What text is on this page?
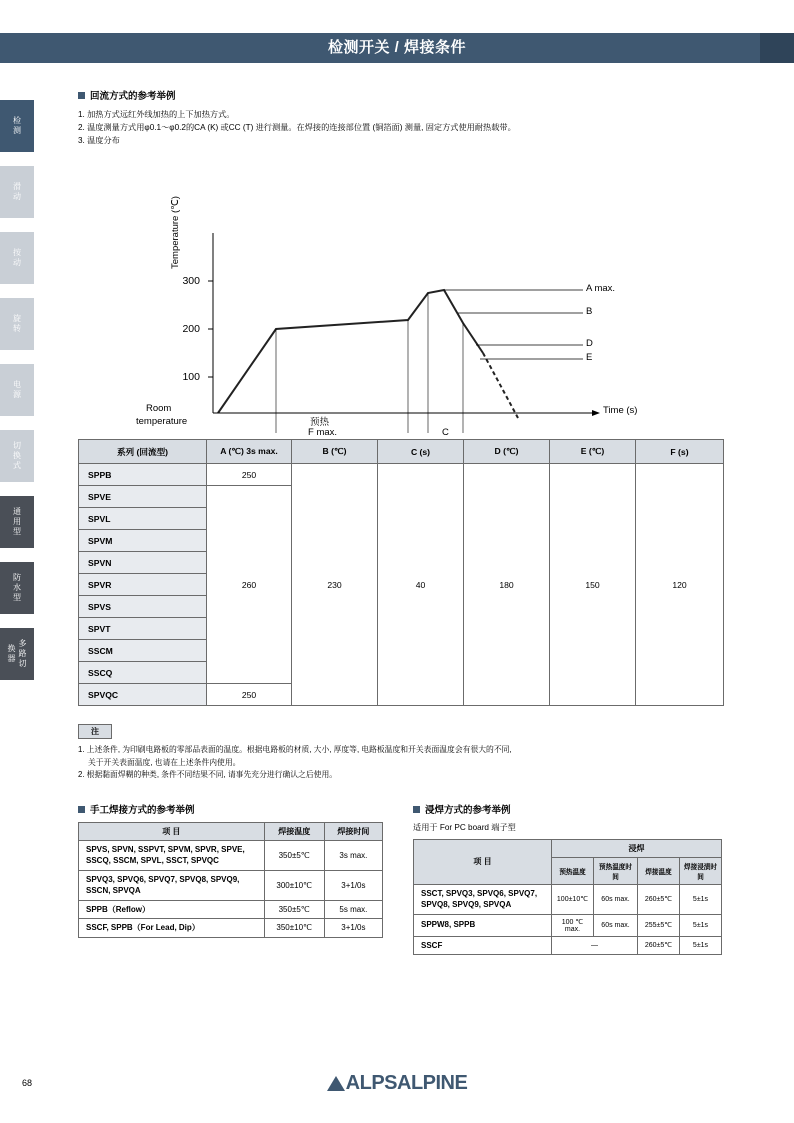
检测开关 / 焊接条件
检测
滑动
按动
旋转
电源
切换式
通用型
防水型
多路切换器
回流方式的参考举例
1. 加热方式远红外线加热的上下加热方式。
2. 温度测量方式用φ0.1～φ0.2的CA (K) 或CC (T) 进行测量。在焊接的连接部位置 (铜箔面) 测量, 固定方式使用耐热载带。
3. 温度分布
Temperature (℃)
300
200
100
A max.
B
D
E
Time (s)
Room
temperature	预热
F max.	C
系列 (回流型)	A (℃) 3s max.	B (℃)	C (s)	D (℃)	E (℃)	F (s)
SPPB	250	230	40	180	150	120
SPVE	260					
SPVL						
SPVM						
SPVN						
SPVR						
SPVS						
SPVT						
SSCM						
SSCQ						
SPVQC	250					
注
1. 上述条件, 为印刷电路板的零部品表面的温度。根据电路板的材质, 大小, 厚度等, 电路板温度和开关表面温度会有很大的不同,
　 关于开关表面温度, 也请在上述条件内使用。
2. 根据黏面焊糊的种类, 条件不同结果不同, 请事先充分进行确认之后使用。
手工焊接方式的参考举例
项 目	焊接温度	焊接时间
SPVS, SPVN, SSPVT, SPVM, SPVR, SPVE, SSCQ, SSCM, SPVL, SSCT, SPVQC	350±5℃	3s max.
SPVQ3, SPVQ6, SPVQ7, SPVQ8, SPVQ9, SSCN, SPVQA	300±10℃	3+1/0s
SPPB（Reflow）	350±5℃	5s max.
SSCF, SPPB（For Lead, Dip）	350±10℃	3+1/0s
浸焊方式的参考举例
适用于 For PC board 端子型
项 目	浸焊			
	预热温度	预热温度时间	焊接温度	焊接浸渍时间
SSCT, SPVQ3, SPVQ6, SPVQ7, SPVQ8, SPVQ9, SPVQA	100±10℃	60s max.	260±5℃	5±1s
SPPW8, SPPB	100 ℃ max.	60s max.	255±5℃	5±1s
SSCF	—		260±5℃	5±1s
68	ALPSALPINE
